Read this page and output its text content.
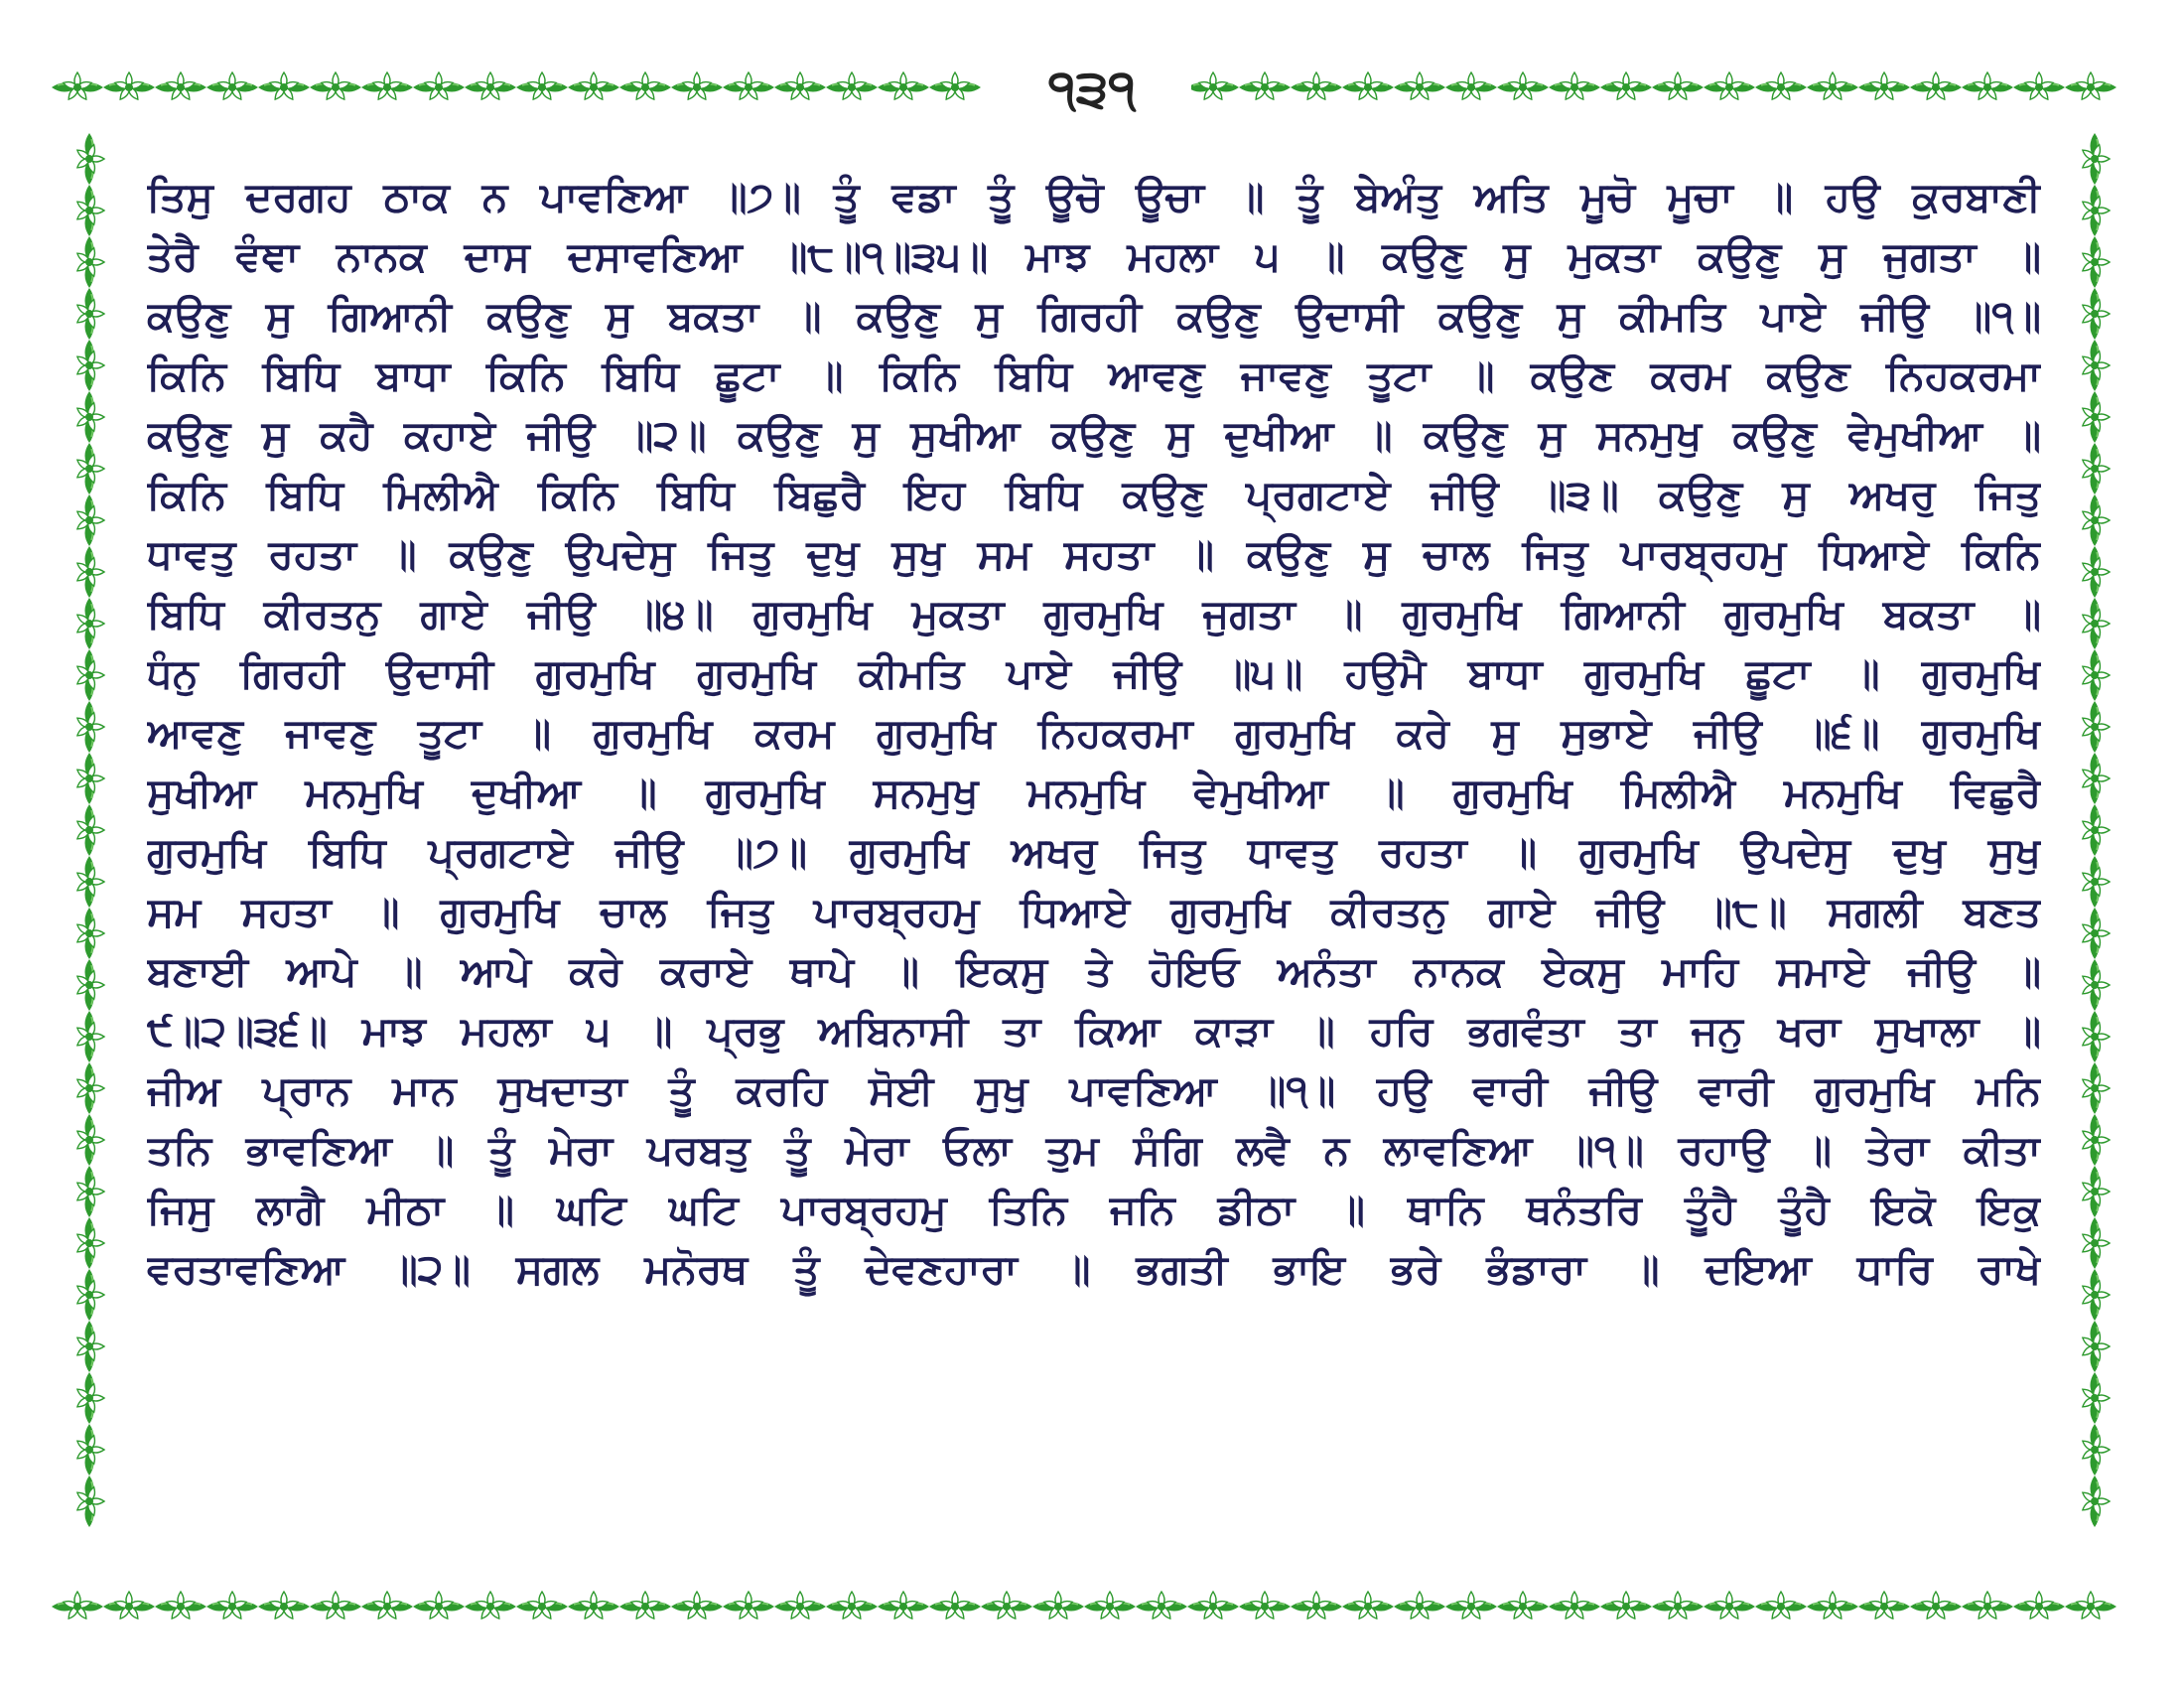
੧੩੧
ਤਿਸੁ ਦਰਗਹ ਠਾਕ ਨ ਪਾਵਣਿਆ ॥੭॥ ਤੂੰ ਵਡਾ ਤੂੰ ਊਚੋ ਊਚਾ ॥ ਤੂੰ ਬੇਅੰਤੁ ਅਤਿ ਮੂਚੋ ਮੂਚਾ ॥ ਹਉ ਕੁਰਬਾਣੀ
ਤੇਰੈ ਵੰਞਾ ਨਾਨਕ ਦਾਸ ਦਸਾਵਣਿਆ ॥੮॥੧॥੩੫॥ ਮਾਝ ਮਹਲਾ ੫ ॥ ਕਉਣੁ ਸੁ ਮੁਕਤਾ ਕਉਣੁ ਸੁ ਜੁਗਤਾ ॥
ਕਉਣੁ ਸੁ ਗਿਆਨੀ ਕਉਣੁ ਸੁ ਬਕਤਾ ॥ ਕਉਣੁ ਸੁ ਗਿਰਹੀ ਕਉਣੁ ਉਦਾਸੀ ਕਉਣੁ ਸੁ ਕੀਮਤਿ ਪਾਏ ਜੀਉ ॥੧॥
ਕਿਨਿ ਬਿਧਿ ਬਾਧਾ ਕਿਨਿ ਬਿਧਿ ਛੂਟਾ ॥ ਕਿਨਿ ਬਿਧਿ ਆਵਣੁ ਜਾਵਣੁ ਤੂਟਾ ॥ ਕਉਣ ਕਰਮ ਕਉਣ ਨਿਹਕਰਮਾ
ਕਉਣੁ ਸੁ ਕਹੈ ਕਹਾਏ ਜੀਉ ॥੨॥ ਕਉਣੁ ਸੁ ਸੁਖੀਆ ਕਉਣੁ ਸੁ ਦੁਖੀਆ ॥ ਕਉਣੁ ਸੁ ਸਨਮੁਖੁ ਕਉਣੁ ਵੇਮੁਖੀਆ ॥
ਕਿਨਿ ਬਿਧਿ ਮਿਲੀਐ ਕਿਨਿ ਬਿਧਿ ਬਿਛੁਰੈ ਇਹ ਬਿਧਿ ਕਉਣੁ ਪ੍ਰਗਟਾਏ ਜੀਉ ॥੩॥ ਕਉਣੁ ਸੁ ਅਖਰੁ ਜਿਤੁ
ਧਾਵਤੁ ਰਹਤਾ ॥ ਕਉਣੁ ਉਪਦੇਸੁ ਜਿਤੁ ਦੁਖੁ ਸੁਖੁ ਸਮ ਸਹਤਾ ॥ ਕਉਣੁ ਸੁ ਚਾਲ ਜਿਤੁ ਪਾਰਬ੍ਰਹਮੁ ਧਿਆਏ ਕਿਨਿ
ਬਿਧਿ ਕੀਰਤਨੁ ਗਾਏ ਜੀਉ ॥੪॥ ਗੁਰਮੁਖਿ ਮੁਕਤਾ ਗੁਰਮੁਖਿ ਜੁਗਤਾ ॥ ਗੁਰਮੁਖਿ ਗਿਆਨੀ ਗੁਰਮੁਖਿ ਬਕਤਾ ॥
ਧੰਨੁ ਗਿਰਹੀ ਉਦਾਸੀ ਗੁਰਮੁਖਿ ਗੁਰਮੁਖਿ ਕੀਮਤਿ ਪਾਏ ਜੀਉ ॥੫॥ ਹਉਮੈ ਬਾਧਾ ਗੁਰਮੁਖਿ ਛੂਟਾ ॥ ਗੁਰਮੁਖਿ
ਆਵਣੁ ਜਾਵਣੁ ਤੂਟਾ ॥ ਗੁਰਮੁਖਿ ਕਰਮ ਗੁਰਮੁਖਿ ਨਿਹਕਰਮਾ ਗੁਰਮੁਖਿ ਕਰੇ ਸੁ ਸੁਭਾਏ ਜੀਉ ॥੬॥ ਗੁਰਮੁਖਿ
ਸੁਖੀਆ ਮਨਮੁਖਿ ਦੁਖੀਆ ॥ ਗੁਰਮੁਖਿ ਸਨਮੁਖੁ ਮਨਮੁਖਿ ਵੇਮੁਖੀਆ ॥ ਗੁਰਮੁਖਿ ਮਿਲੀਐ ਮਨਮੁਖਿ ਵਿਛੁਰੈ
ਗੁਰਮੁਖਿ ਬਿਧਿ ਪ੍ਰਗਟਾਏ ਜੀਉ ॥੭॥ ਗੁਰਮੁਖਿ ਅਖਰੁ ਜਿਤੁ ਧਾਵਤੁ ਰਹਤਾ ॥ ਗੁਰਮੁਖਿ ਉਪਦੇਸੁ ਦੁਖੁ ਸੁਖੁ
ਸਮ ਸਹਤਾ ॥ ਗੁਰਮੁਖਿ ਚਾਲ ਜਿਤੁ ਪਾਰਬ੍ਰਹਮੁ ਧਿਆਏ ਗੁਰਮੁਖਿ ਕੀਰਤਨੁ ਗਾਏ ਜੀਉ ॥੮॥ ਸਗਲੀ ਬਣਤ
ਬਣਾਈ ਆਪੇ ॥ ਆਪੇ ਕਰੇ ਕਰਾਏ ਥਾਪੇ ॥ ਇਕਸੁ ਤੇ ਹੋਇਓ ਅਨੰਤਾ ਨਾਨਕ ਏਕਸੁ ਮਾਹਿ ਸਮਾਏ ਜੀਉ ॥
੯॥੨॥੩੬॥ ਮਾਝ ਮਹਲਾ ੫ ॥ ਪ੍ਰਭੁ ਅਬਿਨਾਸੀ ਤਾ ਕਿਆ ਕਾੜਾ ॥ ਹਰਿ ਭਗਵੰਤਾ ਤਾ ਜਨੁ ਖਰਾ ਸੁਖਾਲਾ ॥
ਜੀਅ ਪ੍ਰਾਨ ਮਾਨ ਸੁਖਦਾਤਾ ਤੂੰ ਕਰਹਿ ਸੋਈ ਸੁਖੁ ਪਾਵਣਿਆ ॥੧॥ ਹਉ ਵਾਰੀ ਜੀਉ ਵਾਰੀ ਗੁਰਮੁਖਿ ਮਨਿ
ਤਨਿ ਭਾਵਣਿਆ ॥ ਤੂੰ ਮੇਰਾ ਪਰਬਤੁ ਤੂੰ ਮੇਰਾ ਓਲਾ ਤੁਮ ਸੰਗਿ ਲਵੈ ਨ ਲਾਵਣਿਆ ॥੧॥ ਰਹਾਉ ॥ ਤੇਰਾ ਕੀਤਾ
ਜਿਸੁ ਲਾਗੈ ਮੀਠਾ ॥ ਘਟਿ ਘਟਿ ਪਾਰਬ੍ਰਹਮੁ ਤਿਨਿ ਜਨਿ ਡੀਠਾ ॥ ਥਾਨਿ ਥਨੰਤਰਿ ਤੂੰਹੈ ਤੂੰਹੈ ਇਕੋ ਇਕੁ
ਵਰਤਾਵਣਿਆ ॥੨॥ ਸਗਲ ਮਨੋਰਥ ਤੂੰ ਦੇਵਣਹਾਰਾ ॥ ਭਗਤੀ ਭਾਇ ਭਰੇ ਭੰਡਾਰਾ ॥ ਦਇਆ ਧਾਰਿ ਰਾਖੇ
